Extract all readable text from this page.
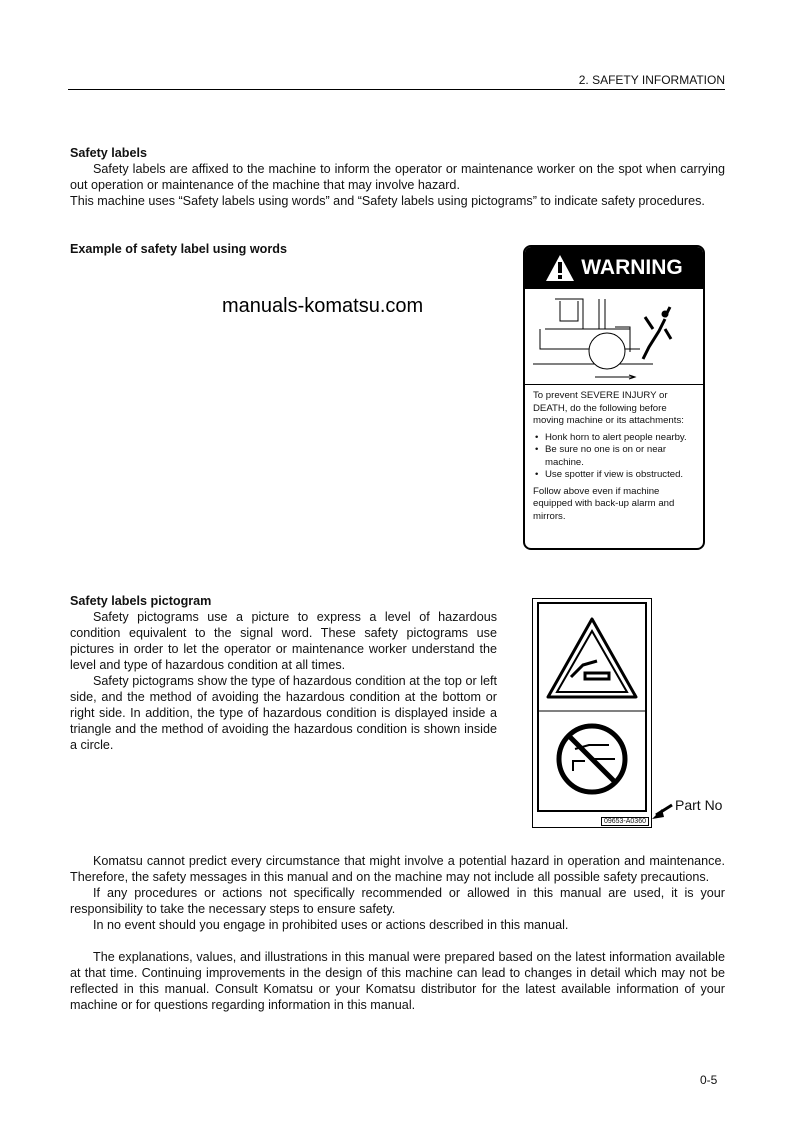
2. SAFETY INFORMATION

Safety labels

Safety labels are affixed to the machine to inform the operator or maintenance worker on the spot when carrying out operation or maintenance of the machine that may involve hazard.

This machine uses “Safety labels using words” and “Safety labels using pictograms” to indicate safety procedures.

Example of safety label using words
manuals-komatsu.com
WARNING
To prevent SEVERE INJURY or DEATH, do the following before moving machine or its attachments:
• Honk horn to alert people nearby.
• Be sure no one is on or near machine.
• Use spotter if view is obstructed.
Follow above even if machine equipped with back-up alarm and mirrors.

Safety labels pictogram

Safety pictograms use a picture to express a level of hazardous condition equivalent to the signal word. These safety pictograms use pictures in order to let the operator or maintenance worker understand the level and type of hazardous condition at all times.

Safety pictograms show the type of hazardous condition at the top or left side, and the method of avoiding the hazardous condition at the bottom or right side. In addition, the type of hazardous condition is displayed inside a triangle and the method of avoiding the hazardous condition is shown inside a circle.

09653-A0360
Part No

Komatsu cannot predict every circumstance that might involve a potential hazard in operation and maintenance. Therefore, the safety messages in this manual and on the machine may not include all possible safety precautions.

If any procedures or actions not specifically recommended or allowed in this manual are used, it is your responsibility to take the necessary steps to ensure safety.

In no event should you engage in prohibited uses or actions described in this manual.

The explanations, values, and illustrations in this manual were prepared based on the latest information available at that time. Continuing improvements in the design of this machine can lead to changes in detail which may not be reflected in this manual. Consult Komatsu or your Komatsu distributor for the latest available information of your machine or for questions regarding information in this manual.

0-5
